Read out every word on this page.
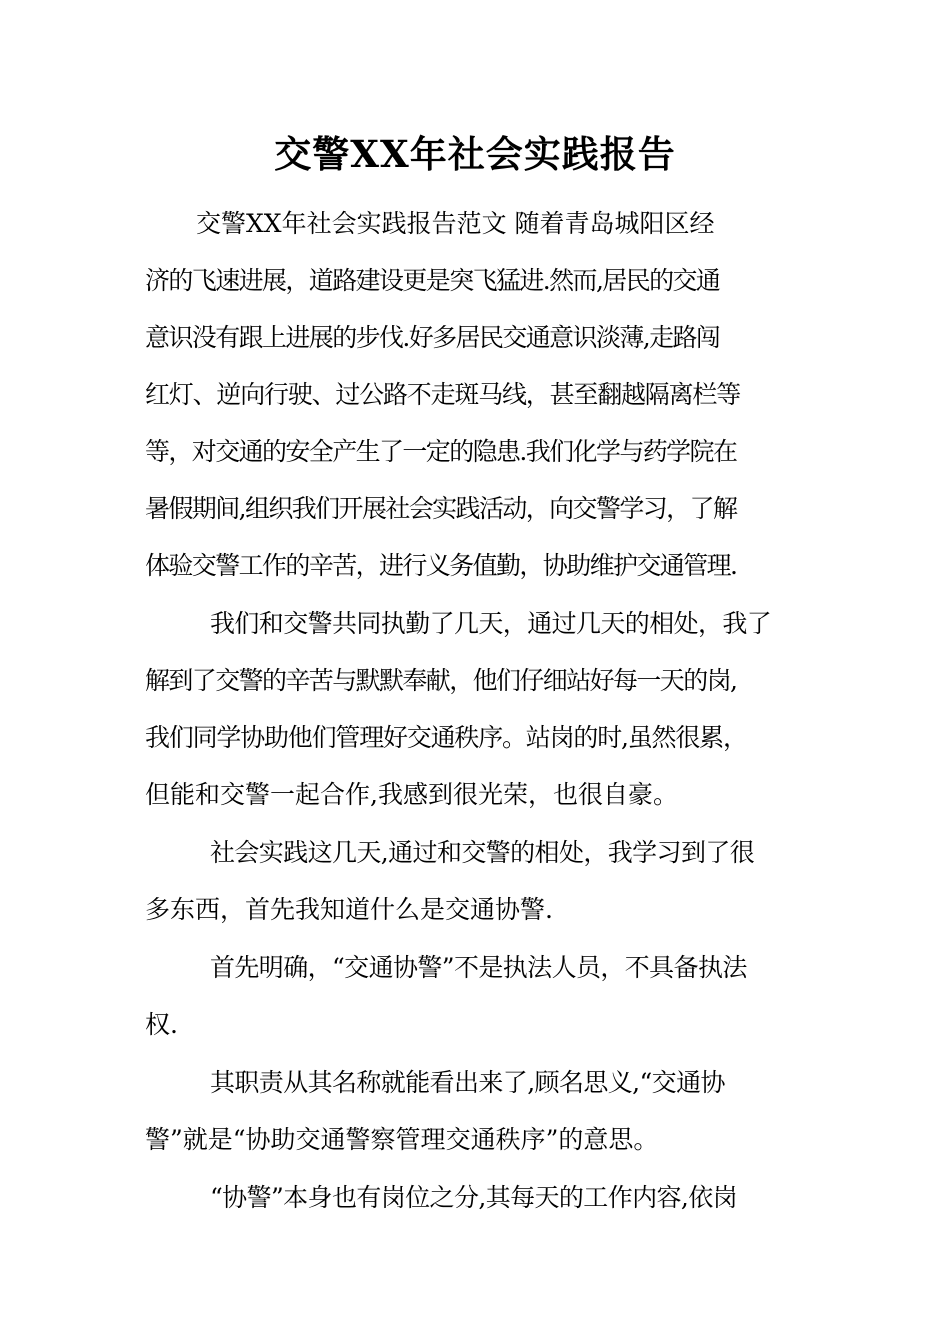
交警XX年社会实践报告
交警XX年社会实践报告范文 随着青岛城阳区经
济的飞速进展，道路建设更是突飞猛进.然而,居民的交通
意识没有跟上进展的步伐.好多居民交通意识淡薄,走路闯
红灯、逆向行驶、过公路不走斑马线，甚至翻越隔离栏等
等，对交通的安全产生了一定的隐患.我们化学与药学院在
暑假期间,组织我们开展社会实践活动，向交警学习，了解
体验交警工作的辛苦，进行义务值勤，协助维护交通管理.
我们和交警共同执勤了几天，通过几天的相处，我了
解到了交警的辛苦与默默奉献，他们仔细站好每一天的岗,
我们同学协助他们管理好交通秩序。站岗的时,虽然很累，
但能和交警一起合作,我感到很光荣，也很自豪。
社会实践这几天,通过和交警的相处，我学习到了很
多东西，首先我知道什么是交通协警.
首先明确，“交通协警”不是执法人员，不具备执法
权.
其职责从其名称就能看出来了,顾名思义,“交通协
警”就是“协助交通警察管理交通秩序”的意思。
“协警”本身也有岗位之分,其每天的工作内容,依岗
